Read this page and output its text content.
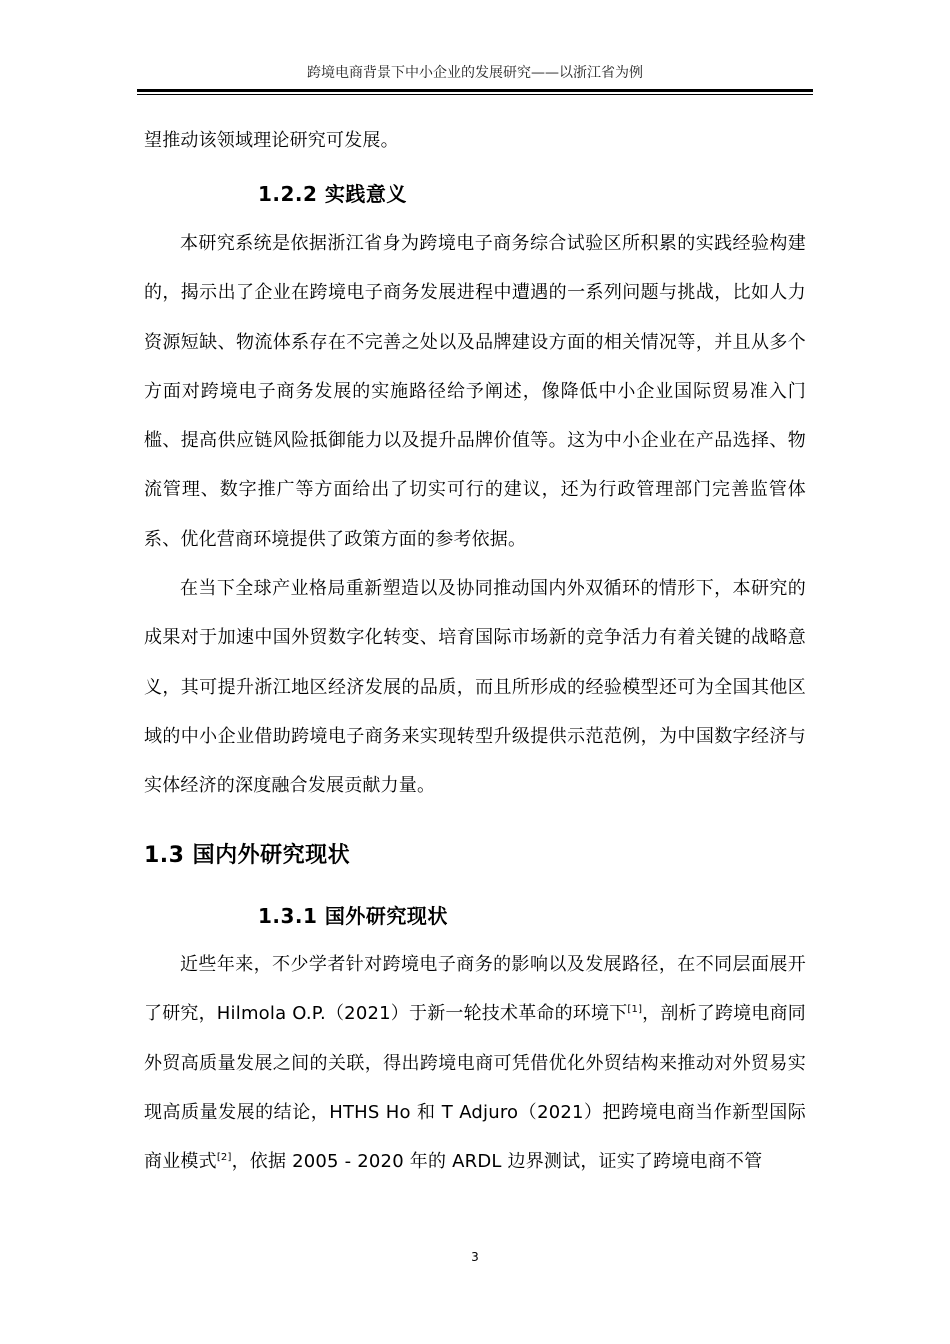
跨境电商背景下中小企业的发展研究——以浙江省为例
望推动该领域理论研究可发展。
1.2.2 实践意义
本研究系统是依据浙江省身为跨境电子商务综合试验区所积累的实践经验构建的，揭示出了企业在跨境电子商务发展进程中遭遇的一系列问题与挑战，比如人力资源短缺、物流体系存在不完善之处以及品牌建设方面的相关情况等，并且从多个方面对跨境电子商务发展的实施路径给予阐述，像降低中小企业国际贸易准入门槛、提高供应链风险抵御能力以及提升品牌价值等。这为中小企业在产品选择、物流管理、数字推广等方面给出了切实可行的建议，还为行政管理部门完善监管体系、优化营商环境提供了政策方面的参考依据。
在当下全球产业格局重新塑造以及协同推动国内外双循环的情形下，本研究的成果对于加速中国外贸数字化转变、培育国际市场新的竞争活力有着关键的战略意义，其可提升浙江地区经济发展的品质，而且所形成的经验模型还可为全国其他区域的中小企业借助跨境电子商务来实现转型升级提供示范范例，为中国数字经济与实体经济的深度融合发展贡献力量。
1.3 国内外研究现状
1.3.1 国外研究现状
近些年来，不少学者针对跨境电子商务的影响以及发展路径，在不同层面展开了研究，Hilmola O.P.（2021）于新一轮技术革命的环境下[1]，剖析了跨境电商同外贸高质量发展之间的关联，得出跨境电商可凭借优化外贸结构来推动对外贸易实现高质量发展的结论，HTHS Ho 和 T Adjuro（2021）把跨境电商当作新型国际商业模式[2]，依据 2005 - 2020 年的 ARDL 边界测试，证实了跨境电商不管
3
